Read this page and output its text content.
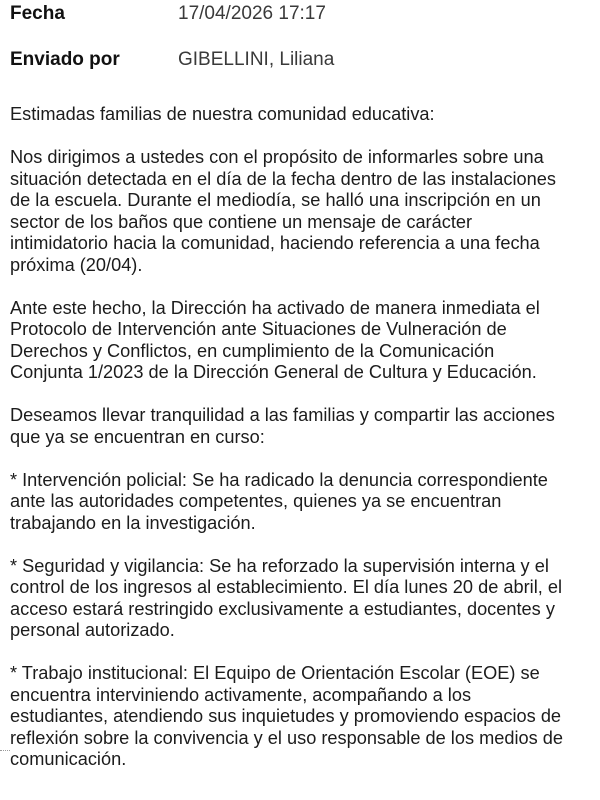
Fecha	17/04/2026 17:17
Enviado por	GIBELLINI, Liliana

Estimadas familias de nuestra comunidad educativa:

Nos dirigimos a ustedes con el propósito de informarles sobre una
situación detectada en el día de la fecha dentro de las instalaciones
de la escuela. Durante el mediodía, se halló una inscripción en un
sector de los baños que contiene un mensaje de carácter
intimidatorio hacia la comunidad, haciendo referencia a una fecha
próxima (20/04).

Ante este hecho, la Dirección ha activado de manera inmediata el
Protocolo de Intervención ante Situaciones de Vulneración de
Derechos y Conflictos, en cumplimiento de la Comunicación
Conjunta 1/2023 de la Dirección General de Cultura y Educación.

Deseamos llevar tranquilidad a las familias y compartir las acciones
que ya se encuentran en curso:

* Intervención policial: Se ha radicado la denuncia correspondiente
ante las autoridades competentes, quienes ya se encuentran
trabajando en la investigación.

* Seguridad y vigilancia: Se ha reforzado la supervisión interna y el
control de los ingresos al establecimiento. El día lunes 20 de abril, el
acceso estará restringido exclusivamente a estudiantes, docentes y
personal autorizado.

* Trabajo institucional: El Equipo de Orientación Escolar (EOE) se
encuentra interviniendo activamente, acompañando a los
estudiantes, atendiendo sus inquietudes y promoviendo espacios de
reflexión sobre la convivencia y el uso responsable de los medios de
comunicación.
